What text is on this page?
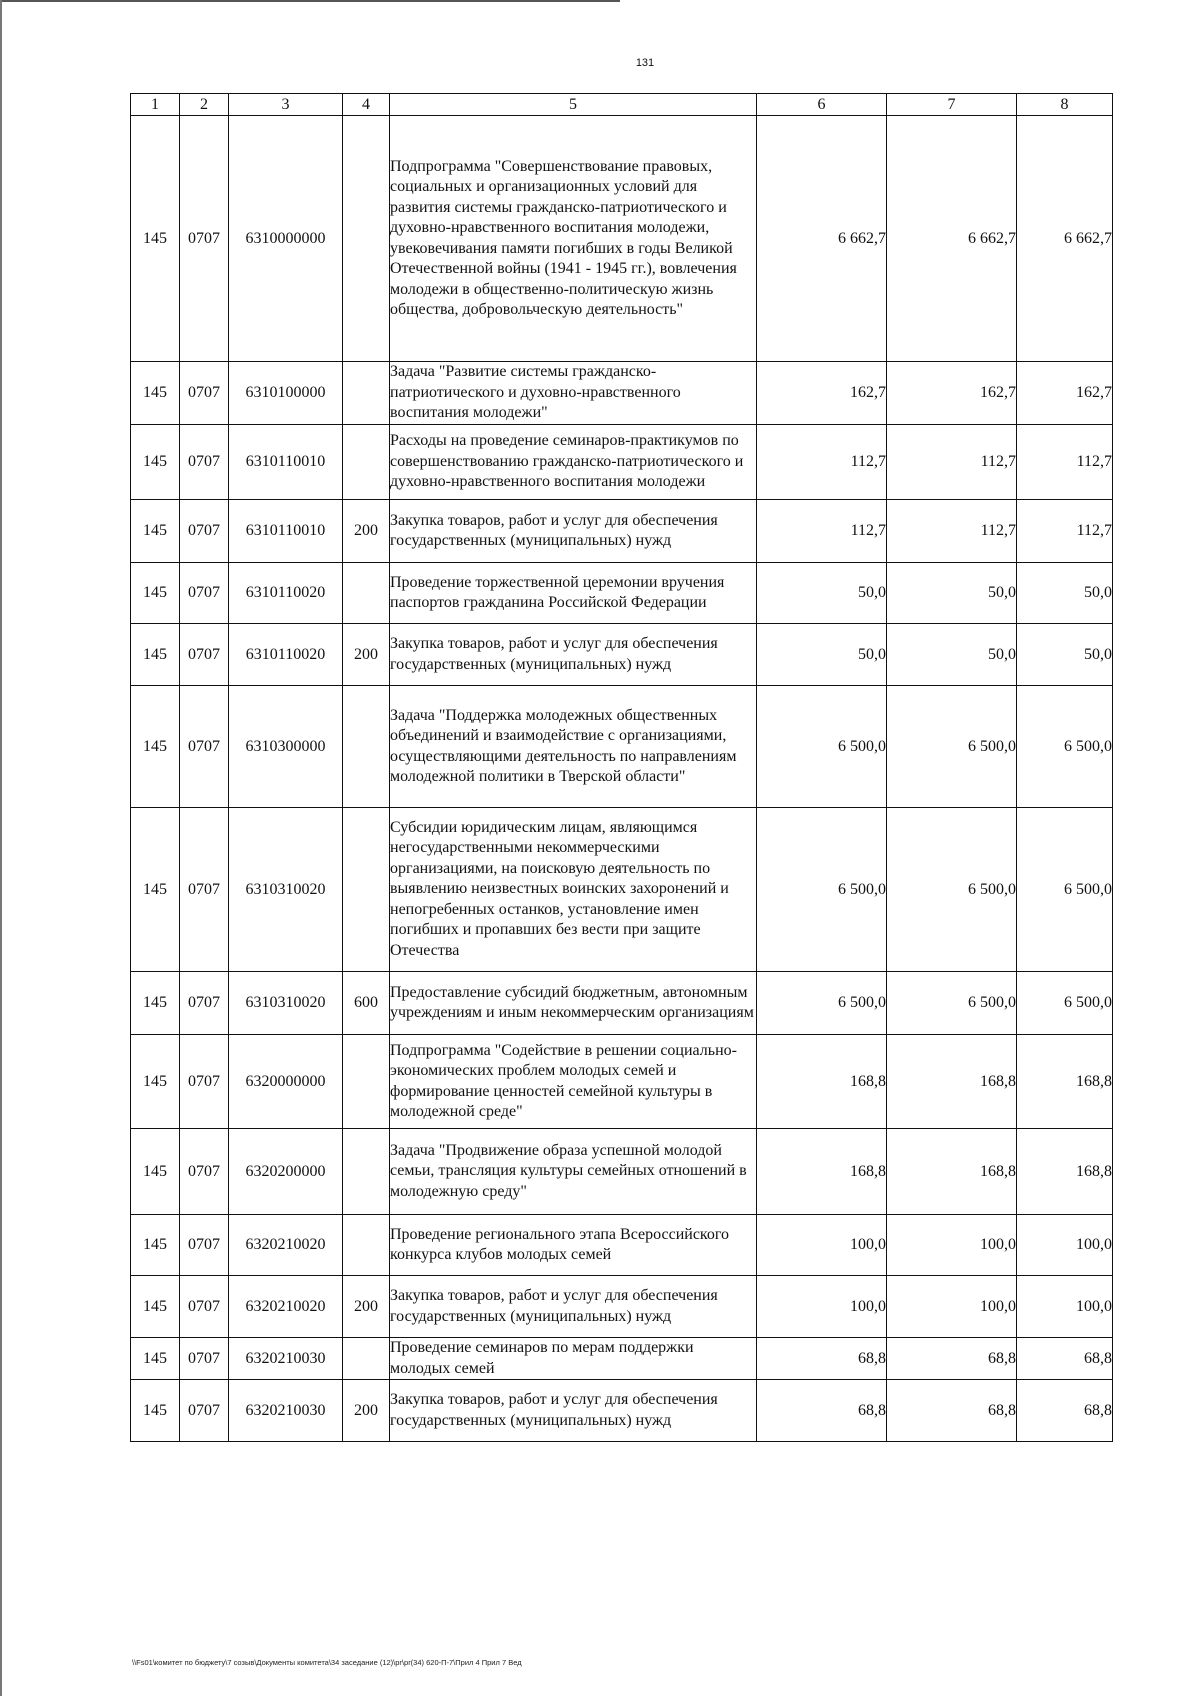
131
1	2	3	4	5	6	7	8
145	0707	6310000000		Подпрограмма "Совершенствование правовых, социальных и организационных условий для развития системы гражданско-патриотического и духовно-нравственного воспитания молодежи, увековечивания памяти погибших в годы Великой Отечественной войны (1941 - 1945 гг.), вовлечения молодежи в общественно-политическую жизнь общества, добровольческую деятельность"	6 662,7	6 662,7	6 662,7
145	0707	6310100000		Задача "Развитие системы гражданско-патриотического и духовно-нравственного воспитания молодежи"	162,7	162,7	162,7
145	0707	6310110010		Расходы на проведение семинаров-практикумов по совершенствованию гражданско-патриотического и духовно-нравственного воспитания молодежи	112,7	112,7	112,7
145	0707	6310110010	200	Закупка товаров, работ и услуг для обеспечения государственных (муниципальных) нужд	112,7	112,7	112,7
145	0707	6310110020		Проведение торжественной церемонии вручения паспортов гражданина Российской Федерации	50,0	50,0	50,0
145	0707	6310110020	200	Закупка товаров, работ и услуг для обеспечения государственных (муниципальных) нужд	50,0	50,0	50,0
145	0707	6310300000		Задача "Поддержка молодежных общественных объединений и взаимодействие с организациями, осуществляющими деятельность по направлениям молодежной политики в Тверской области"	6 500,0	6 500,0	6 500,0
145	0707	6310310020		Субсидии юридическим лицам, являющимся негосударственными некоммерческими организациями, на поисковую деятельность по выявлению неизвестных воинских захоронений и непогребенных останков, установление имен погибших и пропавших без вести при защите Отечества	6 500,0	6 500,0	6 500,0
145	0707	6310310020	600	Предоставление субсидий бюджетным, автономным учреждениям и иным некоммерческим организациям	6 500,0	6 500,0	6 500,0
145	0707	6320000000		Подпрограмма "Содействие в решении социально-экономических проблем молодых семей и формирование ценностей семейной культуры в молодежной среде"	168,8	168,8	168,8
145	0707	6320200000		Задача "Продвижение образа успешной молодой семьи, трансляция культуры семейных отношений в молодежную среду"	168,8	168,8	168,8
145	0707	6320210020		Проведение регионального этапа Всероссийского конкурса клубов молодых семей	100,0	100,0	100,0
145	0707	6320210020	200	Закупка товаров, работ и услуг для обеспечения государственных (муниципальных) нужд	100,0	100,0	100,0
145	0707	6320210030		Проведение семинаров по мерам поддержки молодых семей	68,8	68,8	68,8
145	0707	6320210030	200	Закупка товаров, работ и услуг для обеспечения государственных (муниципальных) нужд	68,8	68,8	68,8
\\Fs01\комитет по бюджету\7 созыв\Документы комитета\34 заседание (12)\pr\pr(34) 620-П-7\Прил 4 Прил 7 Вед
